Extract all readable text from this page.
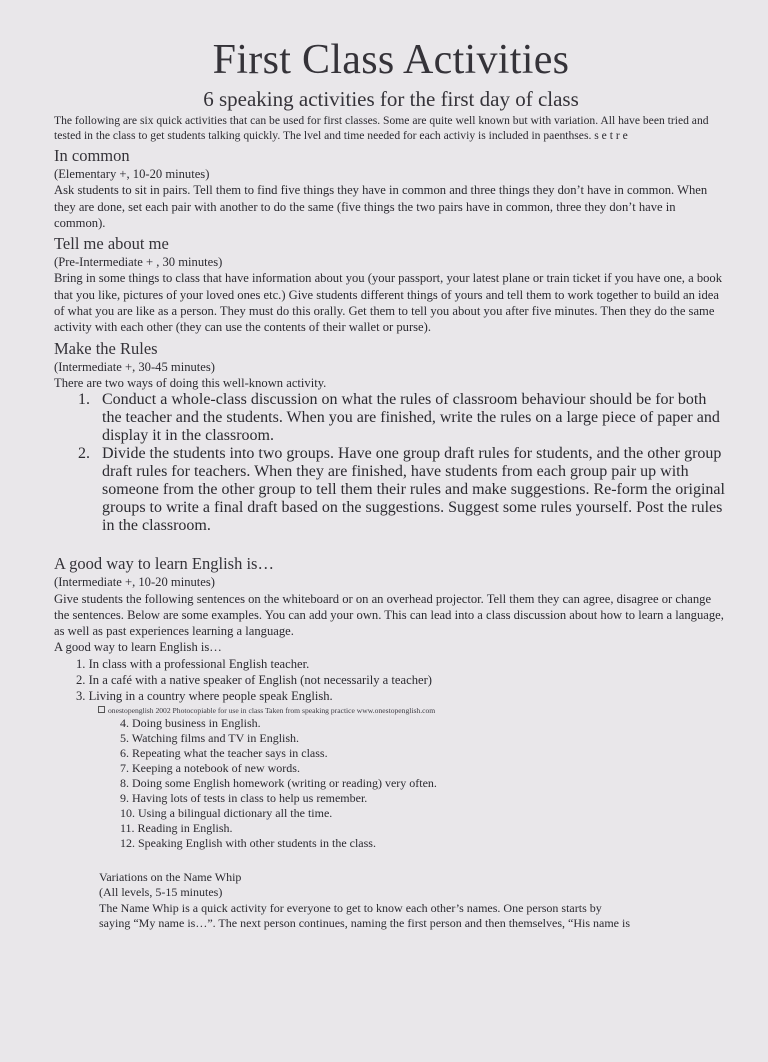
First Class Activities
6 speaking activities for the first day of class

The following are six quick activities that can be used for first classes. Some are quite well known but with variation. All have been tried and tested in the class to get students talking quickly. The lvel and time needed for each activiy is included in paenthses. s e t r e

In common

(Elementary +, 10-20 minutes)

Ask students to sit in pairs. Tell them to find five things they have in common and three things they don’t have in common. When they are done, set each pair with another to do the same (five things the two pairs have in common, three they don’t have in common).

Tell me about me

(Pre-Intermediate + , 30 minutes)

Bring in some things to class that have information about you (your passport, your latest plane or train ticket if you have one, a book that you like, pictures of your loved ones etc.) Give students different things of yours and tell them to work together to build an idea of what you are like as a person. They must do this orally. Get them to tell you about you after five minutes. Then they do the same activity with each other (they can use the contents of their wallet or purse).

Make the Rules

(Intermediate +, 30-45 minutes)

There are two ways of doing this well-known activity.

1. Conduct a whole-class discussion on what the rules of classroom behaviour should be for both the teacher and the students. When you are finished, write the rules on a large piece of paper and display it in the classroom.
2. Divide the students into two groups. Have one group draft rules for students, and the other group draft rules for teachers. When they are finished, have students from each group pair up with someone from the other group to tell them their rules and make suggestions. Re-form the original groups to write a final draft based on the suggestions. Suggest some rules yourself. Post the rules in the classroom.
A good way to learn English is…

(Intermediate +, 10-20 minutes)

Give students the following sentences on the whiteboard or on an overhead projector. Tell them they can agree, disagree or change the sentences. Below are some examples. You can add your own. This can lead into a class discussion about how to learn a language, as well as past experiences learning a language.

A good way to learn English is…

1. In class with a professional English teacher.
2. In a café with a native speaker of English (not necessarily a teacher)
3. Living in a country where people speak English.

onestopenglish 2002 Photocopiable for use in class Taken from speaking practice www.onestopenglish.com

4. Doing business in English.
5. Watching films and TV in English.
6. Repeating what the teacher says in class.
7. Keeping a notebook of new words.
8. Doing some English homework (writing or reading) very often.
9. Having lots of tests in class to help us remember.
10. Using a bilingual dictionary all the time.
11. Reading in English.
12. Speaking English with other students in the class.

Variations on the Name Whip

(All levels, 5-15 minutes)

The Name Whip is a quick activity for everyone to get to know each other’s names. One person starts by

saying “My name is…”. The next person continues, naming the first person and then themselves, “His name is
